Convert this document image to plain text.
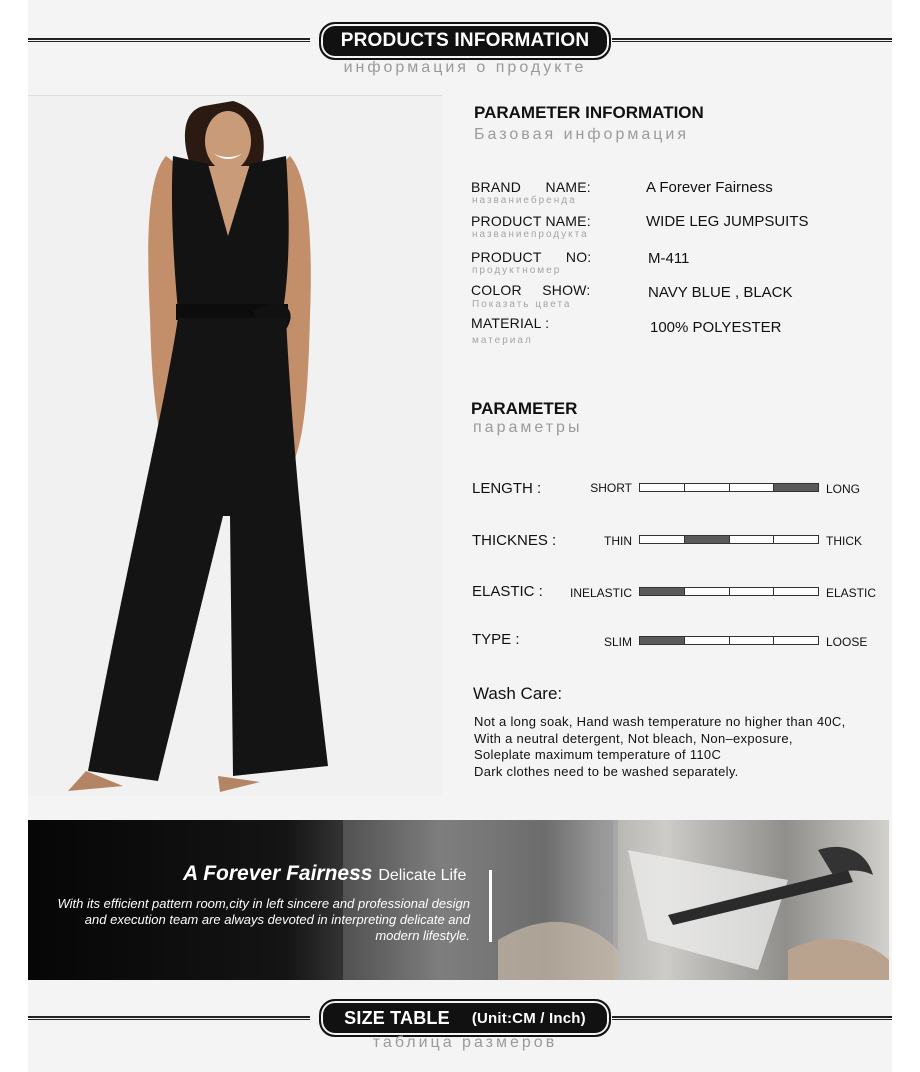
PRODUCTS INFORMATION
информация о продукте
PARAMETER INFORMATION
Базовая информация
BRAND      NAME:
названиебренда
A Forever Fairness
PRODUCT NAME:
названиепродукта
WIDE LEG JUMPSUITS
PRODUCT      NO:
продуктномер
M-411
COLOR     SHOW:
Показать цвета
NAVY BLUE , BLACK
MATERIAL :
материал
100% POLYESTER
PARAMETER
параметры
LENGTH :	SHORT	LONG
THICKNES :	THIN	THICK
ELASTIC :	INELASTIC	ELASTIC
TYPE :	SLIM	LOOSE
Wash Care:
Not a long soak, Hand wash temperature no higher than 40C,
With a neutral detergent, Not bleach, Non–exposure,
Soleplate maximum temperature of 110C
Dark clothes need to be washed separately.
A Forever Fairness Delicate Life
With its efficient pattern room,city in left sincere and professional design
and execution team are always devoted in interpreting delicate and
modern lifestyle.
SIZE TABLE (Unit:CM / Inch)
таблица размеров
